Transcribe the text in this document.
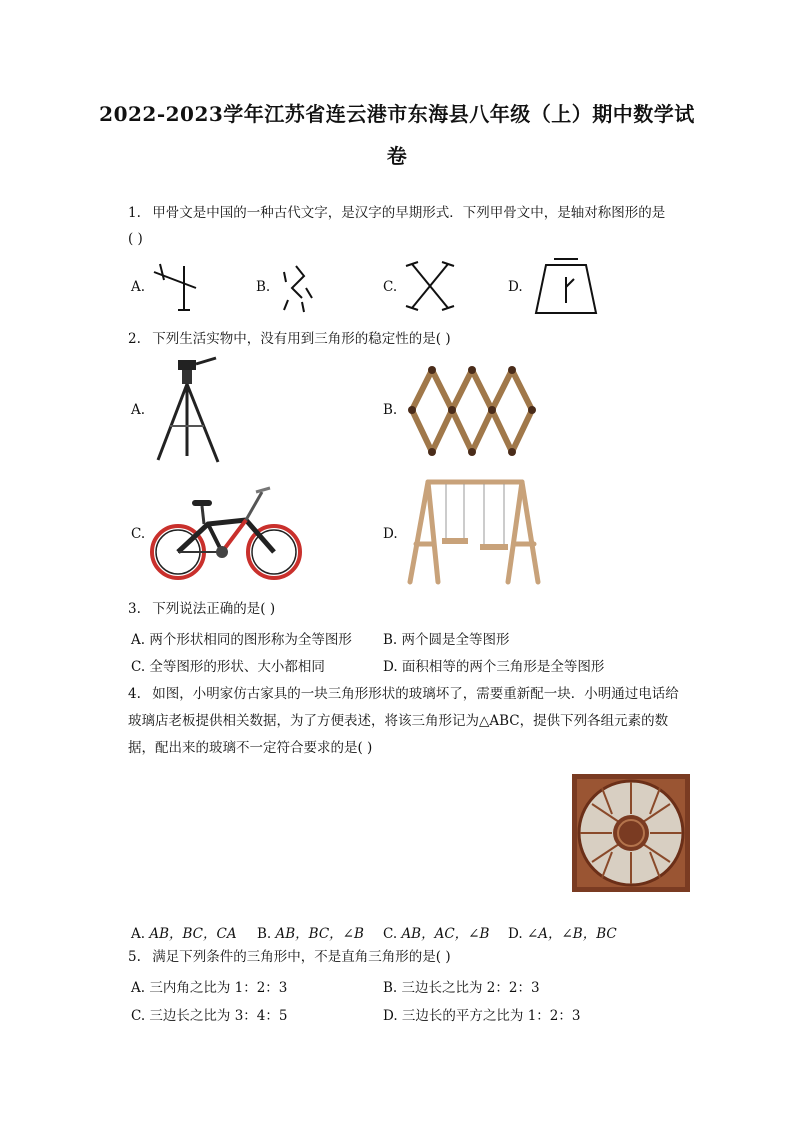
2022-2023学年江苏省连云港市东海县八年级（上）期中数学试
卷
1. 甲骨文是中国的一种古代文字，是汉字的早期形式．下列甲骨文中，是轴对称图形的是
( )
A.	B.	C.	D.
2. 下列生活实物中，没有用到三角形的稳定性的是( )
A.	B.
C.	D.
3. 下列说法正确的是( )
A. 两个形状相同的图形称为全等图形 B. 两个圆是全等图形
C. 全等图形的形状、大小都相同	D. 面积相等的两个三角形是全等图形
4. 如图，小明家仿古家具的一块三角形形状的玻璃坏了，需要重新配一块．小明通过电话给
玻璃店老板提供相关数据，为了方便表述，将该三角形记为△ABC，提供下列各组元素的数
据，配出来的玻璃不一定符合要求的是( )
A. AB，BC，CA B. AB，BC，∠B C. AB，AC，∠B D. ∠A，∠B，BC
5. 满足下列条件的三角形中，不是直角三角形的是( )
A. 三内角之比为 1：2：3	B. 三边长之比为 2：2：3
C. 三边长之比为 3：4：5	D. 三边长的平方之比为 1：2：3
